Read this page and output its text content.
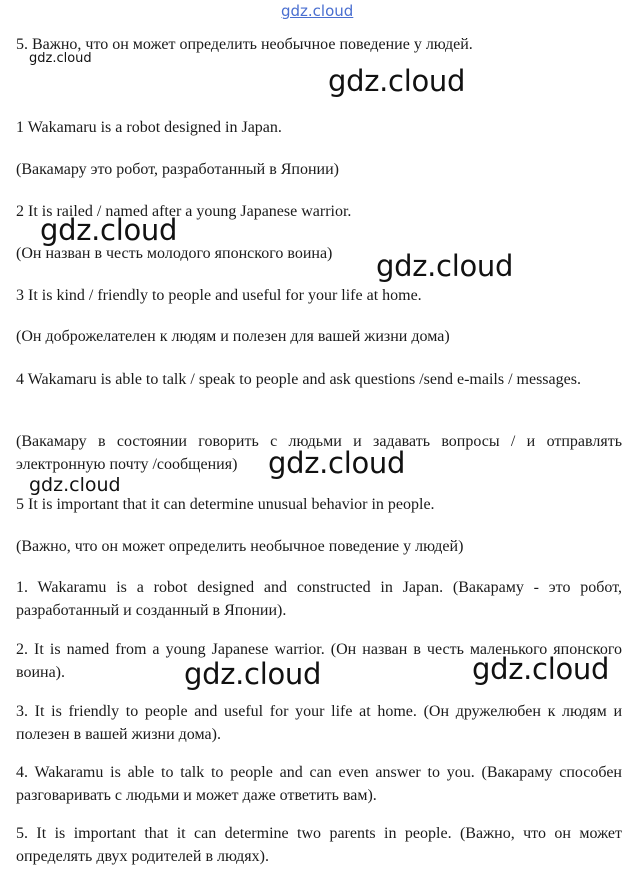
gdz.cloud
5. Важно, что он может определить необычное поведение у людей.
gdz.cloud
gdz.cloud
1 Wakamaru is a robot designed in Japan.
(Вакамару это робот, разработанный в Японии)
2 It is railed / named after a young Japanese warrior.
gdz.cloud
(Он назван в честь молодого японского воина) gdz.cloud
3 It is kind / friendly to people and useful for your life at home.
(Он доброжелателен к людям и полезен для вашей жизни дома)
4 Wakamaru is able to talk / speak to people and ask questions /send e-mails / messages.
(Вакамару в состоянии говорить с людьми и задавать вопросы / и отправлять электронную почту /сообщения)	gdz.cloud
gdz.cloud
5 It is important that it can determine unusual behavior in people.
(Важно, что он может определить необычное поведение у людей)
1. Wakaramu is a robot designed and constructed in Japan. (Вакараму - это робот, разработанный и созданный в Японии).
2. It is named from a young Japanese warrior. (Он назван в честь маленького японского воина).	gdz.cloud
gdz.cloud
3. It is friendly to people and useful for your life at home. (Он дружелюбен к людям и полезен в вашей жизни дома).
4. Wakaramu is able to talk to people and can even answer to you. (Вакараму способен разговаривать с людьми и может даже ответить вам).
5. It is important that it can determine two parents in people. (Важно, что он может определять двух родителей в людях).
